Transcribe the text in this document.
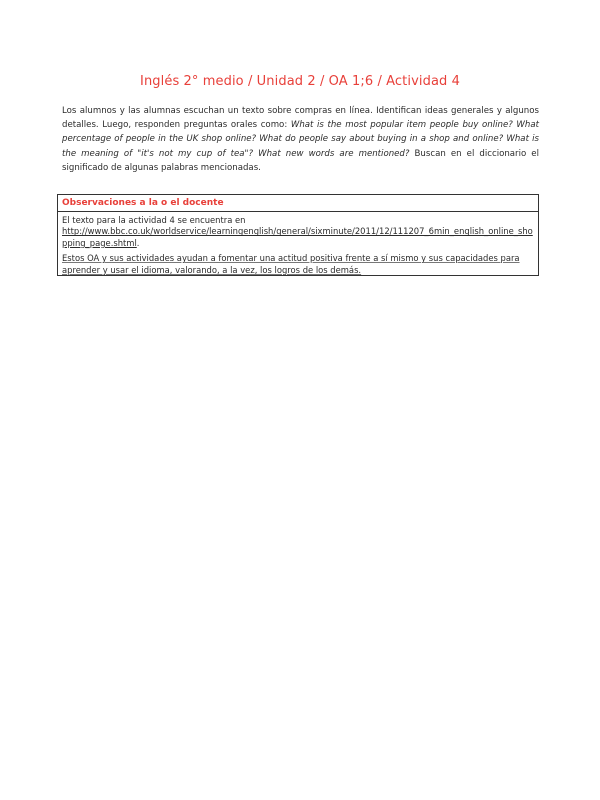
Inglés 2° medio / Unidad 2 / OA 1;6 / Actividad 4
Los alumnos y las alumnas escuchan un texto sobre compras en línea. Identifican ideas generales y algunos detalles. Luego, responden preguntas orales como: What is the most popular item people buy online? What percentage of people in the UK shop online? What do people say about buying in a shop and online? What is the meaning of "it's not my cup of tea"? What new words are mentioned? Buscan en el diccionario el significado de algunas palabras mencionadas.
Observaciones a la o el docente

El texto para la actividad 4 se encuentra en
http://www.bbc.co.uk/worldservice/learningenglish/general/sixminute/2011/12/111207_6min_english_online_shopping_page.shtml.

Estos OA y sus actividades ayudan a fomentar una actitud positiva frente a sí mismo y sus capacidades para aprender y usar el idioma, valorando, a la vez, los logros de los demás.
